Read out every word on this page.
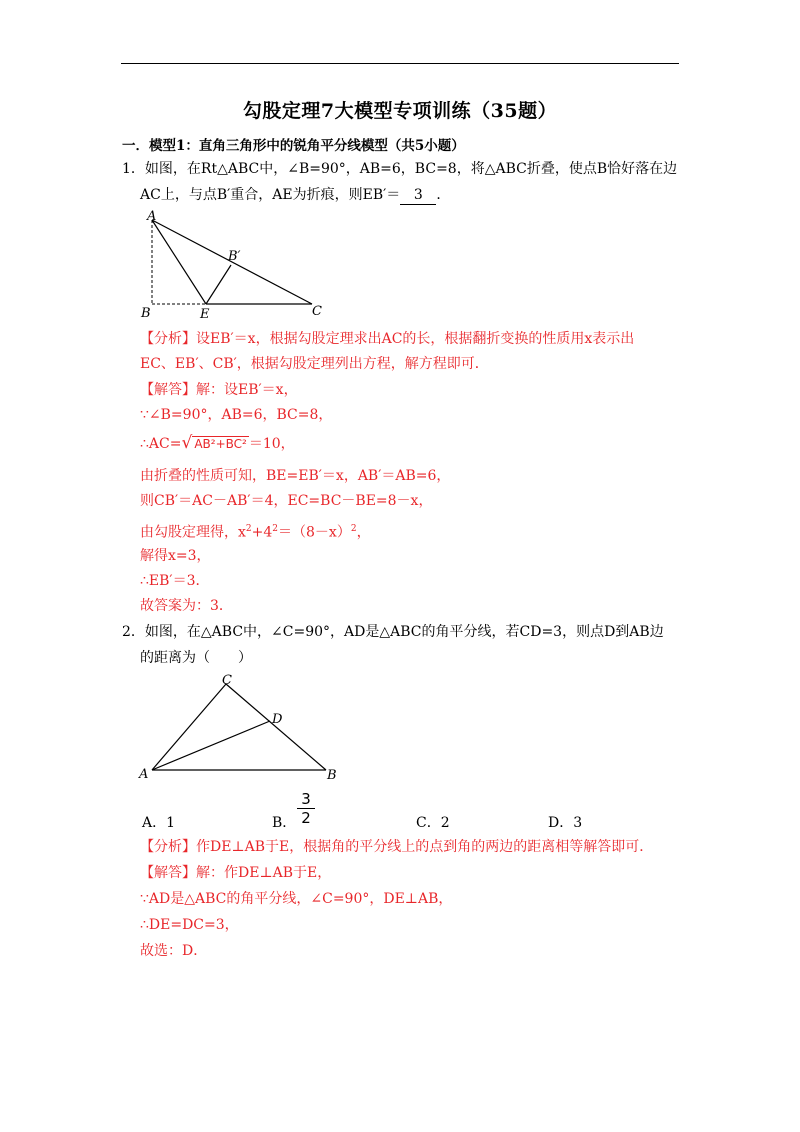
勾股定理7大模型专项训练（35题）
一．模型1：直角三角形中的锐角平分线模型（共5小题）
1．如图，在Rt△ABC中，∠B=90°，AB=6，BC=8，将△ABC折叠，使点B恰好落在边
AC上，与点B′重合，AE为折痕，则EB′＝ 3 ．
A
B′
B	E	C
【分析】设EB′＝x，根据勾股定理求出AC的长，根据翻折变换的性质用x表示出
EC、EB′、CB′，根据勾股定理列出方程，解方程即可．
【解答】解：设EB′＝x，
∵∠B=90°，AB=6，BC=8，
∴AC=√ AB²+BC² ＝10，
由折叠的性质可知，BE=EB′＝x，AB′＝AB=6，
则CB′＝AC－AB′＝4，EC=BC－BE=8－x，
由勾股定理得，$x^2+4^2=(8-x)^2$，
解得x=3，
∴EB′＝3．
故答案为：3．
2．如图，在△ABC中，∠C=90°，AD是△ABC的角平分线，若CD=3，则点D到AB边
的距离为（　　）
C
D
A	B
A．1	B． $\frac{3}{2}$	C．2	D．3
【分析】作DE⊥AB于E，根据角的平分线上的点到角的两边的距离相等解答即可．
【解答】解：作DE⊥AB于E，
∵AD是△ABC的角平分线，∠C=90°，DE⊥AB，
∴DE=DC=3，
故选：D．
